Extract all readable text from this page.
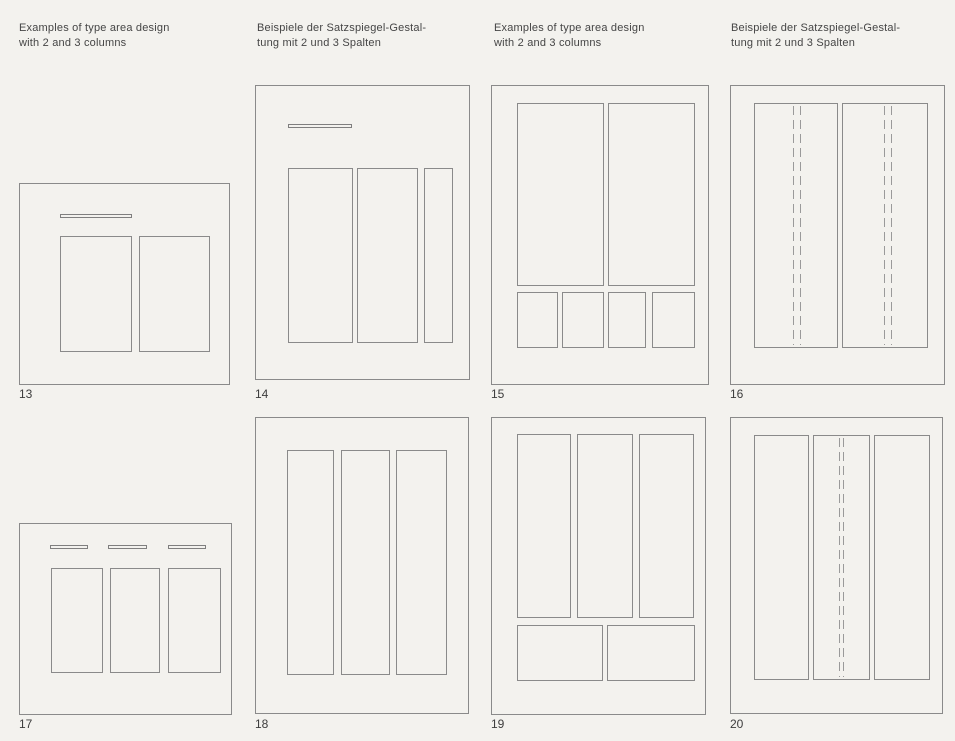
Examples of type area design
with 2 and 3 columns
Beispiele der Satzspiegel-Gestal-
tung mit 2 und 3 Spalten
Examples of type area design
with 2 and 3 columns
Beispiele der Satzspiegel-Gestal-
tung mit 2 und 3 Spalten
13	14	15	16
17	18	19	20
